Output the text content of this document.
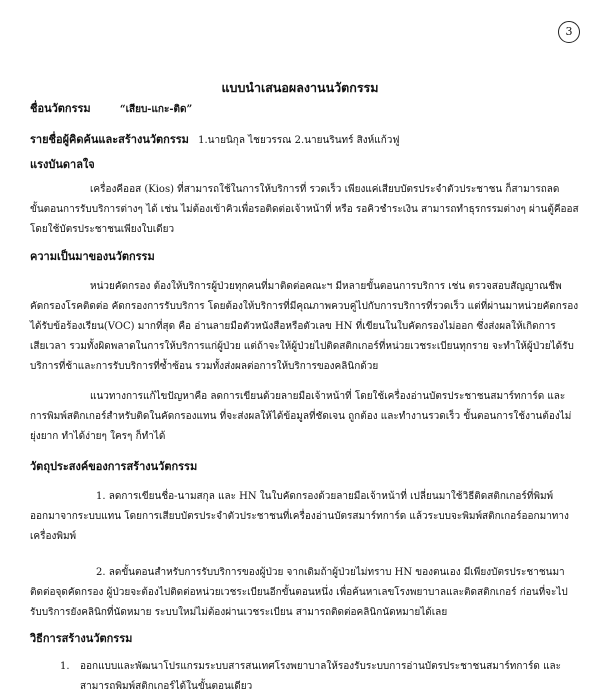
3
แบบนำเสนอผลงานนวัตกรรม
ชื่อนวัตกรรม	“เสียบ-แกะ-ติด”
รายชื่อผู้คิดค้นและสร้างนวัตกรรม 1.นายนิกุล ไชยวรรณ 2.นายนรินทร์ สิงห์แก้วฟู
แรงบันดาลใจ
เครื่องคีออส (Kios) ที่สามารถใช้ในการให้บริการที่ รวดเร็ว เพียงแค่เสียบบัตรประจำตัวประชาชน ก็สามารถลด
ขั้นตอนการรับบริการต่างๆ ได้ เช่น ไม่ต้องเข้าคิวเพื่อรอติดต่อเจ้าหน้าที่ หรือ รอคิวชำระเงิน สามารถทำธุรกรรมต่างๆ ผ่านตู้คีออส
โดยใช้บัตรประชาชนเพียงใบเดียว
ความเป็นมาของนวัตกรรม
หน่วยคัดกรอง ต้องให้บริการผู้ป่วยทุกคนที่มาติดต่อคณะฯ มีหลายขั้นตอนการบริการ เช่น ตรวจสอบสัญญาณชีพ
คัดกรองโรคติดต่อ คัดกรองการรับบริการ โดยต้องให้บริการที่มีคุณภาพควบคู่ไปกับการบริการที่รวดเร็ว แต่ที่ผ่านมาหน่วยคัดกรอง
ได้รับข้อร้องเรียน(VOC) มากที่สุด คือ อ่านลายมือตัวหนังสือหรือตัวเลข HN ที่เขียนในใบคัดกรองไม่ออก ซึ่งส่งผลให้เกิดการ
เสียเวลา รวมทั้งผิดพลาดในการให้บริการแก่ผู้ป่วย แต่ถ้าจะให้ผู้ป่วยไปติดสติกเกอร์ที่หน่วยเวชระเบียนทุกราย จะทำให้ผู้ป่วยได้รับ
บริการที่ช้าและการรับบริการที่ซ้ำซ้อน รวมทั้งส่งผลต่อการให้บริการของคลินิกด้วย
แนวทางการแก้ไขปัญหาคือ ลดการเขียนด้วยลายมือเจ้าหน้าที่ โดยใช้เครื่องอ่านบัตรประชาชนสมาร์ทการ์ด และ
การพิมพ์สติกเกอร์สำหรับติดในคัดกรองแทน ที่จะส่งผลให้ได้ข้อมูลที่ชัดเจน ถูกต้อง และทำงานรวดเร็ว ขั้นตอนการใช้งานต้องไม่
ยุ่งยาก ทำได้ง่ายๆ ใครๆ ก็ทำได้
วัตถุประสงค์ของการสร้างนวัตกรรม
1. ลดการเขียนชื่อ-นามสกุล และ HN ในใบคัดกรองด้วยลายมือเจ้าหน้าที่ เปลี่ยนมาใช้วิธีติดสติกเกอร์ที่พิมพ์
ออกมาจากระบบแทน โดยการเสียบบัตรประจำตัวประชาชนที่เครื่องอ่านบัตรสมาร์ทการ์ด แล้วระบบจะพิมพ์สติกเกอร์ออกมาทาง
เครื่องพิมพ์
2. ลดขั้นตอนสำหรับการรับบริการของผู้ป่วย จากเดิมถ้าผู้ป่วยไม่ทราบ HN ของตนเอง มีเพียงบัตรประชาชนมา
ติดต่อจุดคัดกรอง ผู้ป่วยจะต้องไปติดต่อหน่วยเวชระเบียนอีกขั้นตอนหนึ่ง เพื่อค้นหาเลขโรงพยาบาลและติดสติกเกอร์ ก่อนที่จะไป
รับบริการยังคลินิกที่นัดหมาย ระบบใหม่ไม่ต้องผ่านเวชระเบียน สามารถติดต่อคลินิกนัดหมายได้เลย
วิธีการสร้างนวัตกรรม
1. ออกแบบและพัฒนาโปรแกรมระบบสารสนเทศโรงพยาบาลให้รองรับระบบการอ่านบัตรประชาชนสมาร์ทการ์ด และ
สามารถพิมพ์สติกเกอร์ได้ในขั้นตอนเดียว
